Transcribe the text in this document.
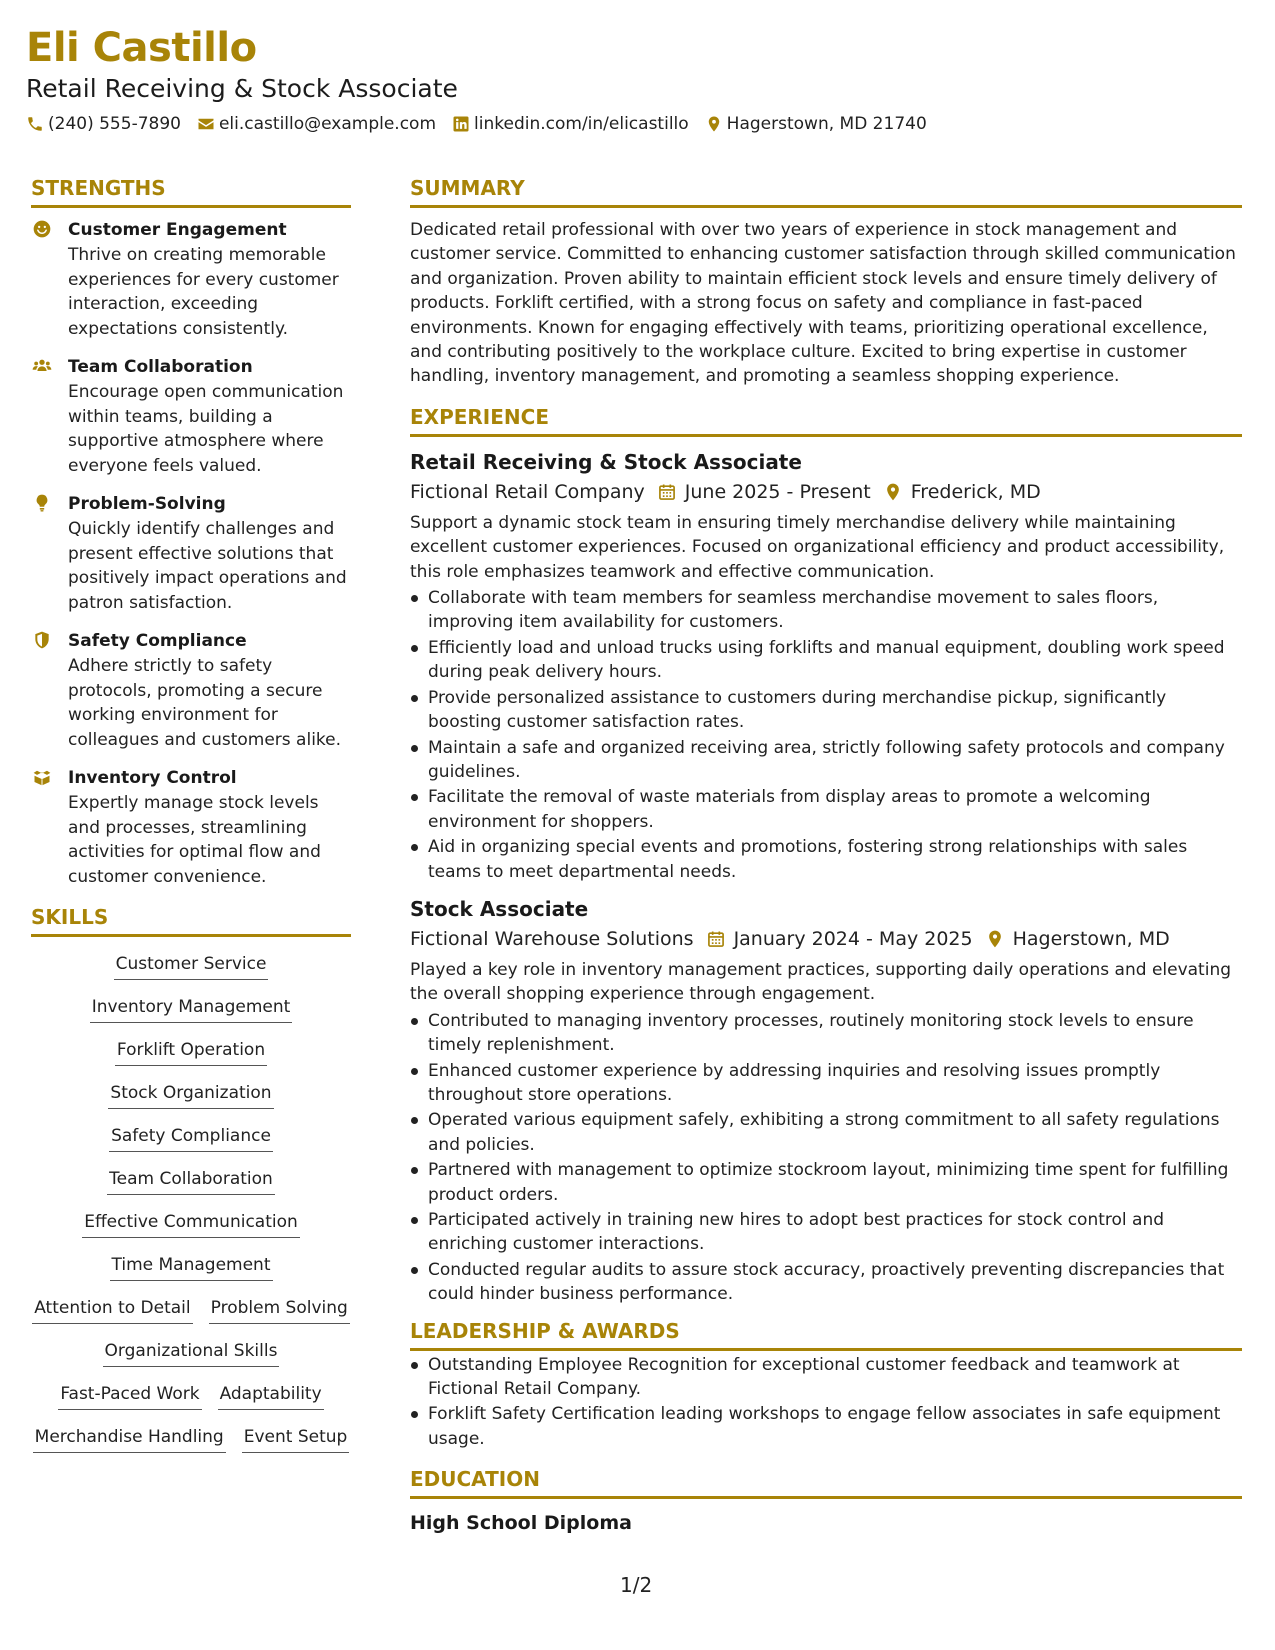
Eli Castillo
Retail Receiving & Stock Associate
(240) 555-7890 eli.castillo@example.com linkedin.com/in/elicastillo Hagerstown, MD 21740
STRENGTHS
Customer Engagement
Thrive on creating memorable experiences for every customer interaction, exceeding expectations consistently.
Team Collaboration
Encourage open communication within teams, building a supportive atmosphere where everyone feels valued.
Problem-Solving
Quickly identify challenges and present effective solutions that positively impact operations and patron satisfaction.
Safety Compliance
Adhere strictly to safety protocols, promoting a secure working environment for colleagues and customers alike.
Inventory Control
Expertly manage stock levels and processes, streamlining activities for optimal flow and customer convenience.
SKILLS
Customer Service
Inventory Management
Forklift Operation
Stock Organization
Safety Compliance
Team Collaboration
Effective Communication
Time Management
Attention to Detail Problem Solving
Organizational Skills
Fast-Paced Work Adaptability
Merchandise Handling Event Setup
SUMMARY
Dedicated retail professional with over two years of experience in stock management and customer service. Committed to enhancing customer satisfaction through skilled communication and organization. Proven ability to maintain efficient stock levels and ensure timely delivery of products. Forklift certified, with a strong focus on safety and compliance in fast-paced environments. Known for engaging effectively with teams, prioritizing operational excellence, and contributing positively to the workplace culture. Excited to bring expertise in customer handling, inventory management, and promoting a seamless shopping experience.
EXPERIENCE
Retail Receiving & Stock Associate
Fictional Retail Company June 2025 - Present Frederick, MD
Support a dynamic stock team in ensuring timely merchandise delivery while maintaining excellent customer experiences. Focused on organizational efficiency and product accessibility, this role emphasizes teamwork and effective communication.
Collaborate with team members for seamless merchandise movement to sales floors, improving item availability for customers.
Efficiently load and unload trucks using forklifts and manual equipment, doubling work speed during peak delivery hours.
Provide personalized assistance to customers during merchandise pickup, significantly boosting customer satisfaction rates.
Maintain a safe and organized receiving area, strictly following safety protocols and company guidelines.
Facilitate the removal of waste materials from display areas to promote a welcoming environment for shoppers.
Aid in organizing special events and promotions, fostering strong relationships with sales teams to meet departmental needs.
Stock Associate
Fictional Warehouse Solutions January 2024 - May 2025 Hagerstown, MD
Played a key role in inventory management practices, supporting daily operations and elevating the overall shopping experience through engagement.
Contributed to managing inventory processes, routinely monitoring stock levels to ensure timely replenishment.
Enhanced customer experience by addressing inquiries and resolving issues promptly throughout store operations.
Operated various equipment safely, exhibiting a strong commitment to all safety regulations and policies.
Partnered with management to optimize stockroom layout, minimizing time spent for fulfilling product orders.
Participated actively in training new hires to adopt best practices for stock control and enriching customer interactions.
Conducted regular audits to assure stock accuracy, proactively preventing discrepancies that could hinder business performance.
LEADERSHIP & AWARDS
Outstanding Employee Recognition for exceptional customer feedback and teamwork at Fictional Retail Company.
Forklift Safety Certification leading workshops to engage fellow associates in safe equipment usage.
EDUCATION
High School Diploma
1/2
